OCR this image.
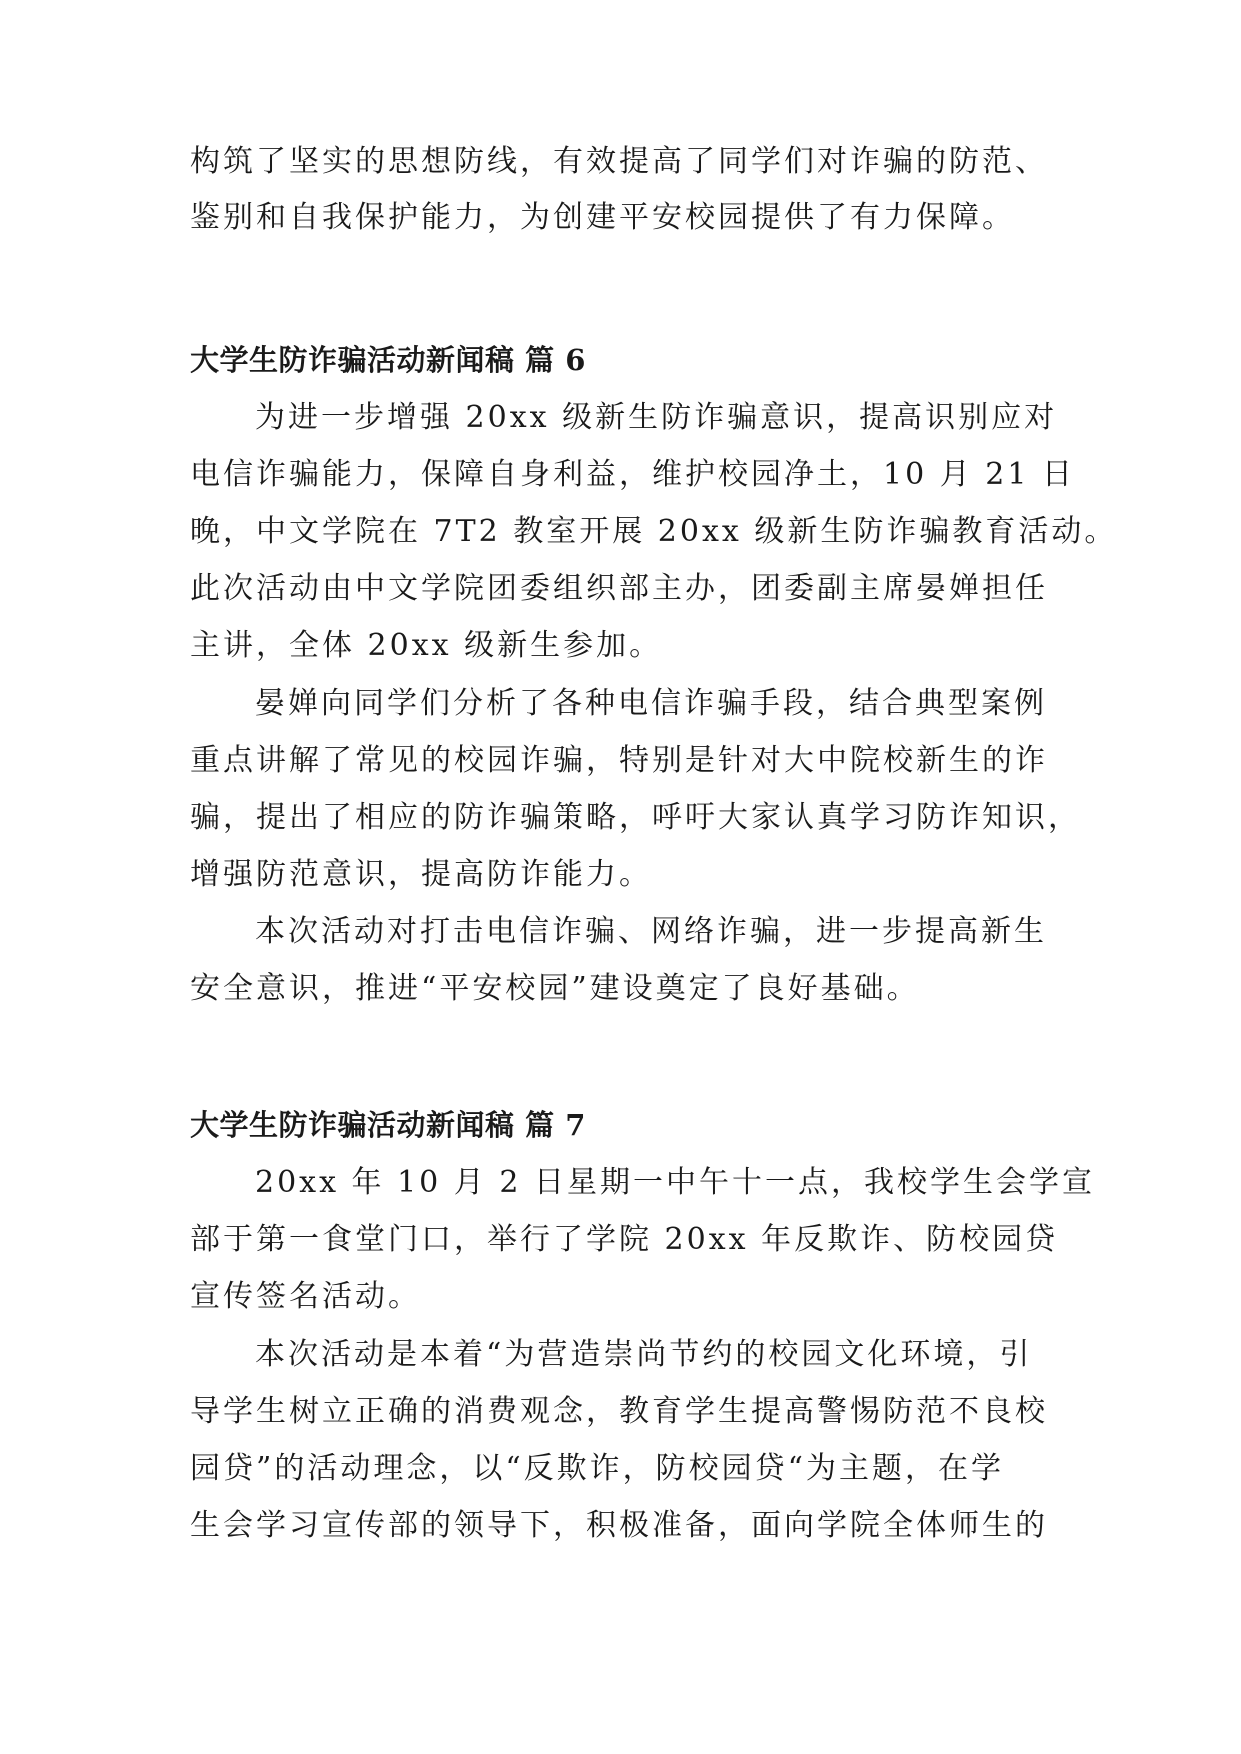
构筑了坚实的思想防线，有效提高了同学们对诈骗的防范、

鉴别和自我保护能力，为创建平安校园提供了有力保障。

大学生防诈骗活动新闻稿 篇 6

为进一步增强 20xx 级新生防诈骗意识，提高识别应对

电信诈骗能力，保障自身利益，维护校园净土，10 月 21 日

晚，中文学院在 7T2 教室开展 20xx 级新生防诈骗教育活动。

此次活动由中文学院团委组织部主办，团委副主席晏婵担任

主讲，全体 20xx 级新生参加。

晏婵向同学们分析了各种电信诈骗手段，结合典型案例

重点讲解了常见的校园诈骗，特别是针对大中院校新生的诈

骗，提出了相应的防诈骗策略，呼吁大家认真学习防诈知识，

增强防范意识，提高防诈能力。

本次活动对打击电信诈骗、网络诈骗，进一步提高新生

安全意识，推进“平安校园”建设奠定了良好基础。

大学生防诈骗活动新闻稿 篇 7

20xx 年 10 月 2 日星期一中午十一点，我校学生会学宣

部于第一食堂门口，举行了学院 20xx 年反欺诈、防校园贷

宣传签名活动。

本次活动是本着“为营造崇尚节约的校园文化环境，引

导学生树立正确的消费观念，教育学生提高警惕防范不良校

园贷”的活动理念，以“反欺诈，防校园贷“为主题，在学

生会学习宣传部的领导下，积极准备，面向学院全体师生的
